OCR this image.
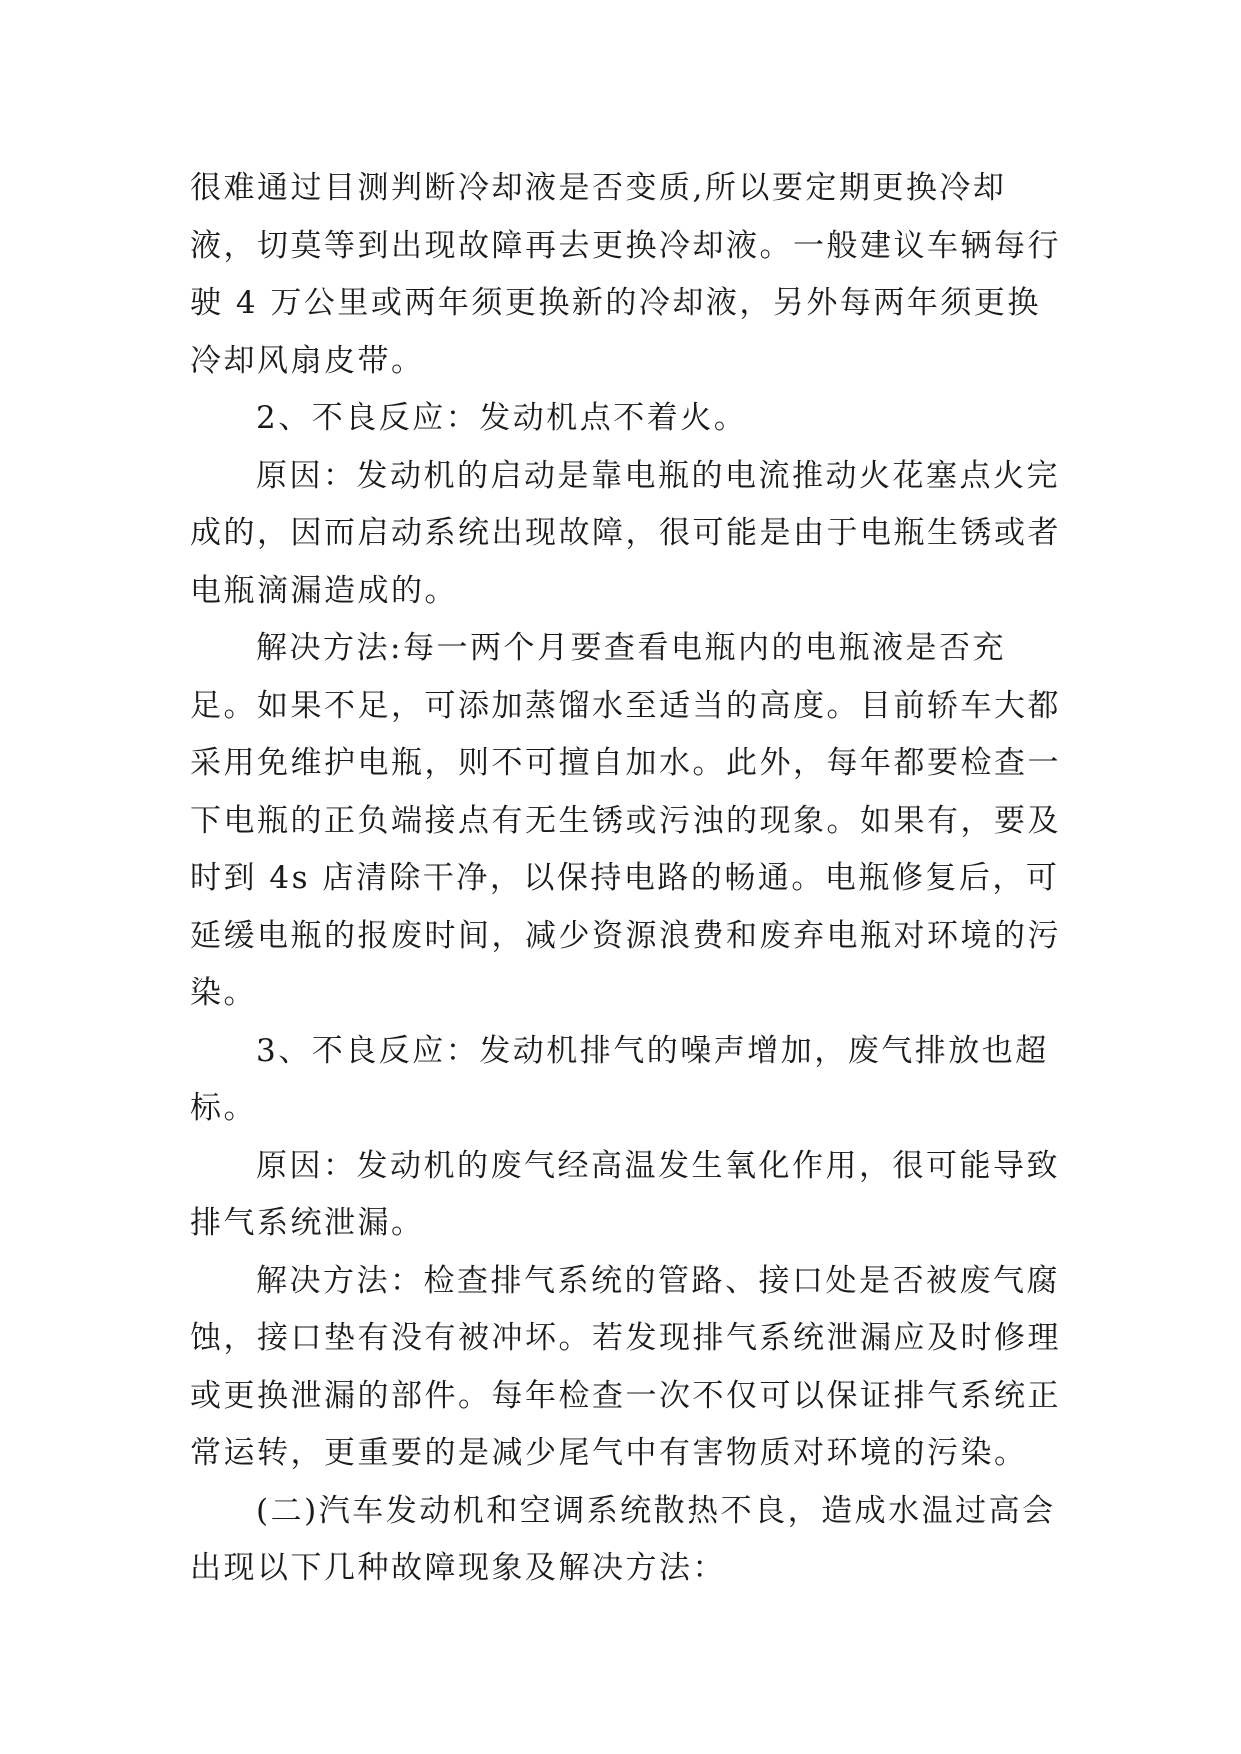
很难通过目测判断冷却液是否变质,所以要定期更换冷却液，切莫等到出现故障再去更换冷却液。一般建议车辆每行驶 4 万公里或两年须更换新的冷却液，另外每两年须更换冷却风扇皮带。

2、不良反应：发动机点不着火。

原因：发动机的启动是靠电瓶的电流推动火花塞点火完成的，因而启动系统出现故障，很可能是由于电瓶生锈或者电瓶滴漏造成的。

解决方法:每一两个月要查看电瓶内的电瓶液是否充足。如果不足，可添加蒸馏水至适当的高度。目前轿车大都采用免维护电瓶，则不可擅自加水。此外，每年都要检查一下电瓶的正负端接点有无生锈或污浊的现象。如果有，要及时到 4s 店清除干净，以保持电路的畅通。电瓶修复后，可延缓电瓶的报废时间，减少资源浪费和废弃电瓶对环境的污染。

3、不良反应：发动机排气的噪声增加，废气排放也超标。

原因：发动机的废气经高温发生氧化作用，很可能导致排气系统泄漏。

解决方法：检查排气系统的管路、接口处是否被废气腐蚀，接口垫有没有被冲坏。若发现排气系统泄漏应及时修理或更换泄漏的部件。每年检查一次不仅可以保证排气系统正常运转，更重要的是减少尾气中有害物质对环境的污染。

(二)汽车发动机和空调系统散热不良，造成水温过高会出现以下几种故障现象及解决方法：
